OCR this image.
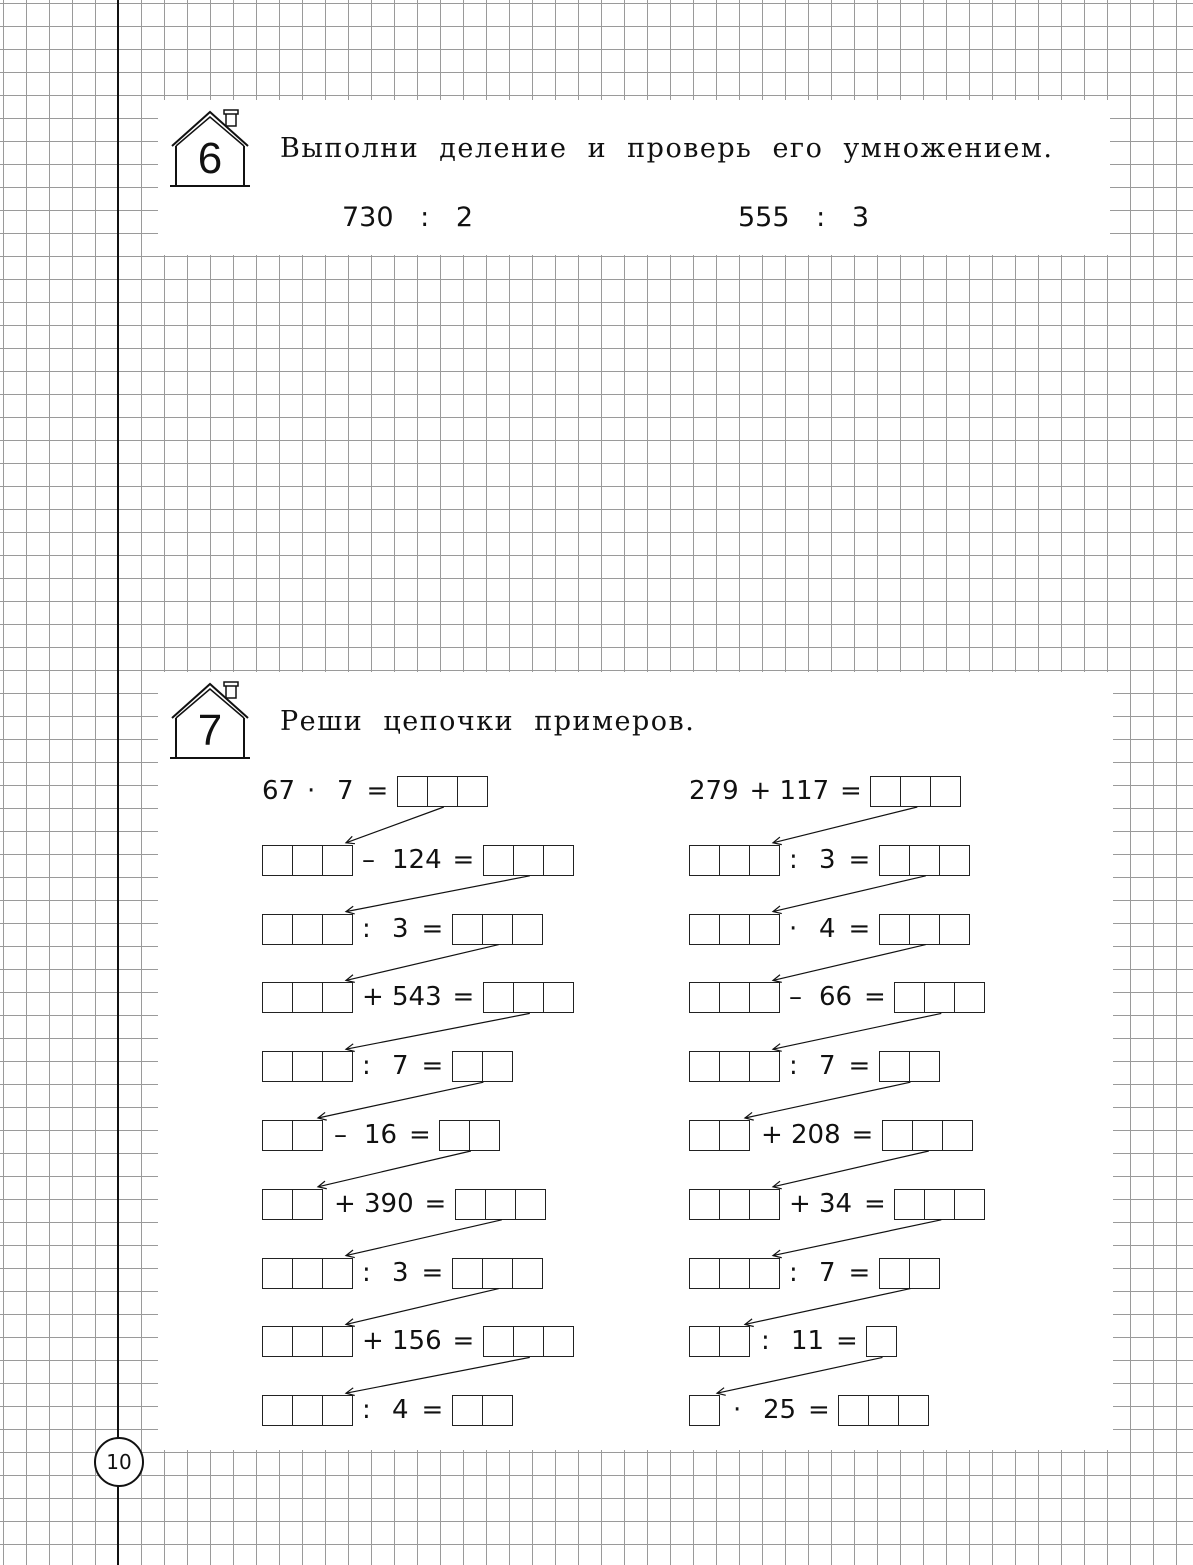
6	Выполни деление и проверь его умножением.
730 : 2	555 : 3
7	Реши цепочки примеров.
67 · 7 =
– 124 =
: 3 =
+ 543 =
: 7 =
– 16 =
+ 390 =
: 3 =
+ 156 =
: 4 =
279 + 117 =
: 3 =
· 4 =
– 66 =
: 7 =
+ 208 =
+ 34 =
: 7 =
: 11 =
· 25 =
10
